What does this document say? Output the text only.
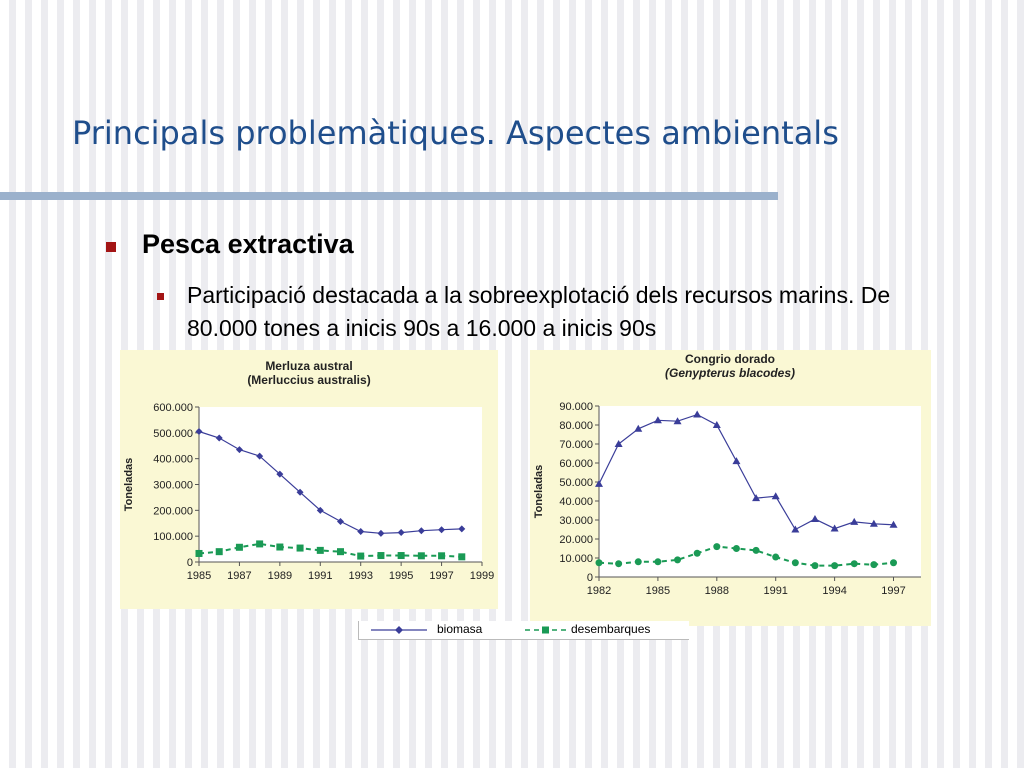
Principals problemàtiques. Aspectes ambientals
Pesca extractiva
Participació destacada a la sobreexplotació dels recursos marins. De 80.000 tones a inicis 90s a 16.000 a inicis 90s
Merluza austral
(Merluccius australis)
0
100.000
200.000
300.000
400.000
500.000
600.000
1985 1987 1989 1991 1993 1995 1997 1999
Toneladas
Congrio dorado
(Genypterus blacodes)
0
10.000
20.000
30.000
40.000
50.000
60.000
70.000
80.000
90.000
1982	1985	1988	1991	1994	1997
Toneladas
biomasa	desembarques
